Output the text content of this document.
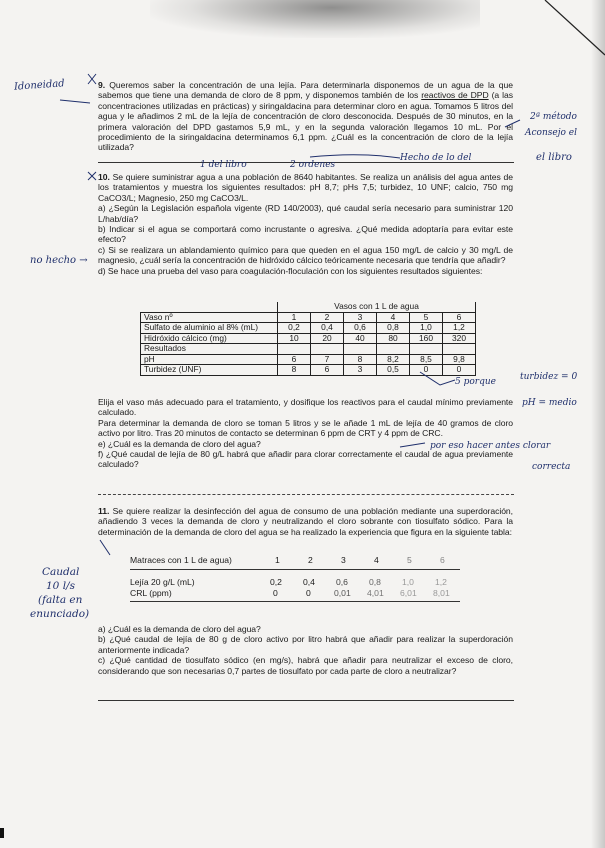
9. Queremos saber la concentración de una lejía. Para determinarla disponemos de un agua de la que sabemos que tiene una demanda de cloro de 8 ppm, y disponemos también de los reactivos de DPD (a las concentraciones utilizadas en prácticas) y siringaldacina para determinar cloro en agua. Tomamos 5 litros del agua y le añadimos 2 mL de la lejía de concentración de cloro desconocida. Después de 30 minutos, en la primera valoración del DPD gastamos 5,9 mL, y en la segunda valoración llegamos 10 mL. Por el procedimiento de la siringaldacina determinamos 6,1 ppm. ¿Cuál es la concentración de cloro de la lejía utilizada?

10. Se quiere suministrar agua a una población de 8640 habitantes. Se realiza un análisis del agua antes de los tratamientos y muestra los siguientes resultados: pH 8,7; pHs 7,5; turbidez, 10 UNF; calcio, 750 mg CaCO3/L; Magnesio, 250 mg CaCO3/L.

a) ¿Según la Legislación española vigente (RD 140/2003), qué caudal sería necesario para suministrar 120 L/hab/día?

b) Indicar si el agua se comportará como incrustante o agresiva. ¿Qué medida adoptaría para evitar este efecto?

c) Si se realizara un ablandamiento químico para que queden en el agua 150 mg/L de calcio y 30 mg/L de magnesio, ¿cuál sería la concentración de hidróxido cálcico teóricamente necesaria que tendría que añadir?

d) Se hace una prueba del vaso para coagulación-floculación con los siguientes resultados siguientes:

	Vasos con 1 L de agua					
Vaso nº	1	2	3	4	5	6
Sulfato de aluminio al 8% (mL)	0,2	0,4	0,6	0,8	1,0	1,2
Hidróxido cálcico (mg)	10	20	40	80	160	320
Resultados						
pH	6	7	8	8,2	8,5	9,8
Turbidez (UNF)	8	6	3	0,5	0	0

Elija el vaso más adecuado para el tratamiento, y dosifique los reactivos para el caudal mínimo previamente calculado.

Para determinar la demanda de cloro se toman 5 litros y se le añade 1 mL de lejía de 40 gramos de cloro activo por litro. Tras 20 minutos de contacto se determinan 6 ppm de CRT y 4 ppm de CRC.

e) ¿Cuál es la demanda de cloro del agua?

f) ¿Qué caudal de lejía de 80 g/L habrá que añadir para clorar correctamente el caudal de agua previamente calculado?

11. Se quiere realizar la desinfección del agua de consumo de una población mediante una superdoración, añadiendo 3 veces la demanda de cloro y neutralizando el cloro sobrante con tiosulfato sódico. Para la determinación de la demanda de cloro del agua se ha realizado la experiencia que figura en la siguiente tabla:

Matraces con 1 L de agua)	1	2	3	4	5	6
Lejía 20 g/L (mL)	0,2 0,4 0,6 0,8 1,0 1,2
CRL (ppm)	0	0	0,01 4,01 6,01 8,01

a) ¿Cuál es la demanda de cloro del agua?

b) ¿Qué caudal de lejía de 80 g de cloro activo por litro habrá que añadir para realizar la superdoración anteriormente indicada?

c) ¿Qué cantidad de tiosulfato sódico (en mg/s), habrá que añadir para neutralizar el exceso de cloro, considerando que son necesarias 0,7 partes de tiosulfato por cada parte de cloro a neutralizar?

Idoneidad
no hecho →
Caudal
10 l/s
(falta en
enunciado)
2ª método
Aconsejo el
el libro
turbidez = 0
pH = medio
1 del libro	2 ordenes
Hecho de lo del
5 porque
por eso hacer antes clorar
correcta
